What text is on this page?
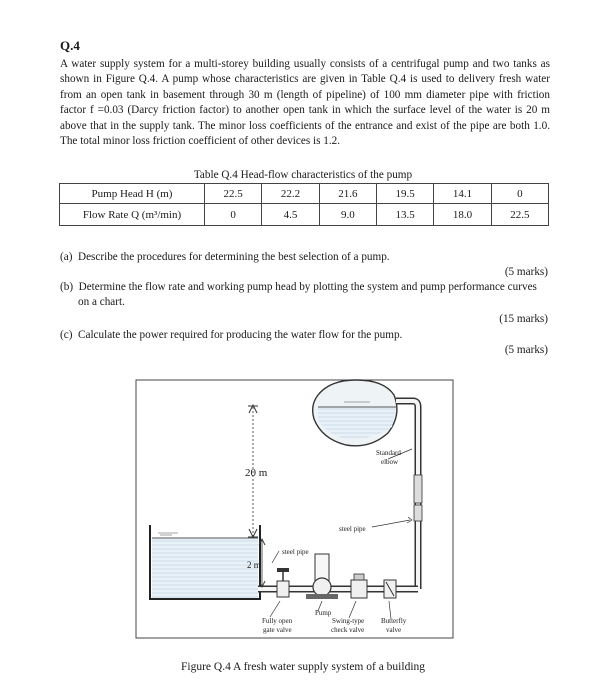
Q.4
A water supply system for a multi-storey building usually consists of a centrifugal pump and two tanks as shown in Figure Q.4. A pump whose characteristics are given in Table Q.4 is used to delivery fresh water from an open tank in basement through 30 m (length of pipeline) of 100 mm diameter pipe with friction factor f =0.03 (Darcy friction factor) to another open tank in which the surface level of the water is 20 m above that in the supply tank. The minor loss coefficients of the entrance and exist of the pipe are both 1.0. The total minor loss friction coefficient of other devices is 1.2.
Table Q.4 Head-flow characteristics of the pump
Pump Head H (m)	22.5	22.2	21.6	19.5	14.1	0
Flow Rate Q (m³/min)	0	4.5	9.0	13.5	18.0	22.5
(a)  Describe the procedures for determining the best selection of a pump.
(5 marks)
(b)  Determine the flow rate and working pump head by plotting the system and pump performance curves on a chart.
(15 marks)
(c)  Calculate the power required for producing the water flow for the pump.
(5 marks)
20 m
2 m
Standard
elbow
steel pipe
steel pipe
Pump
Fully open
gate valve
Swing-type
check valve
Butterfly
valve
Figure Q.4 A fresh water supply system of a building
